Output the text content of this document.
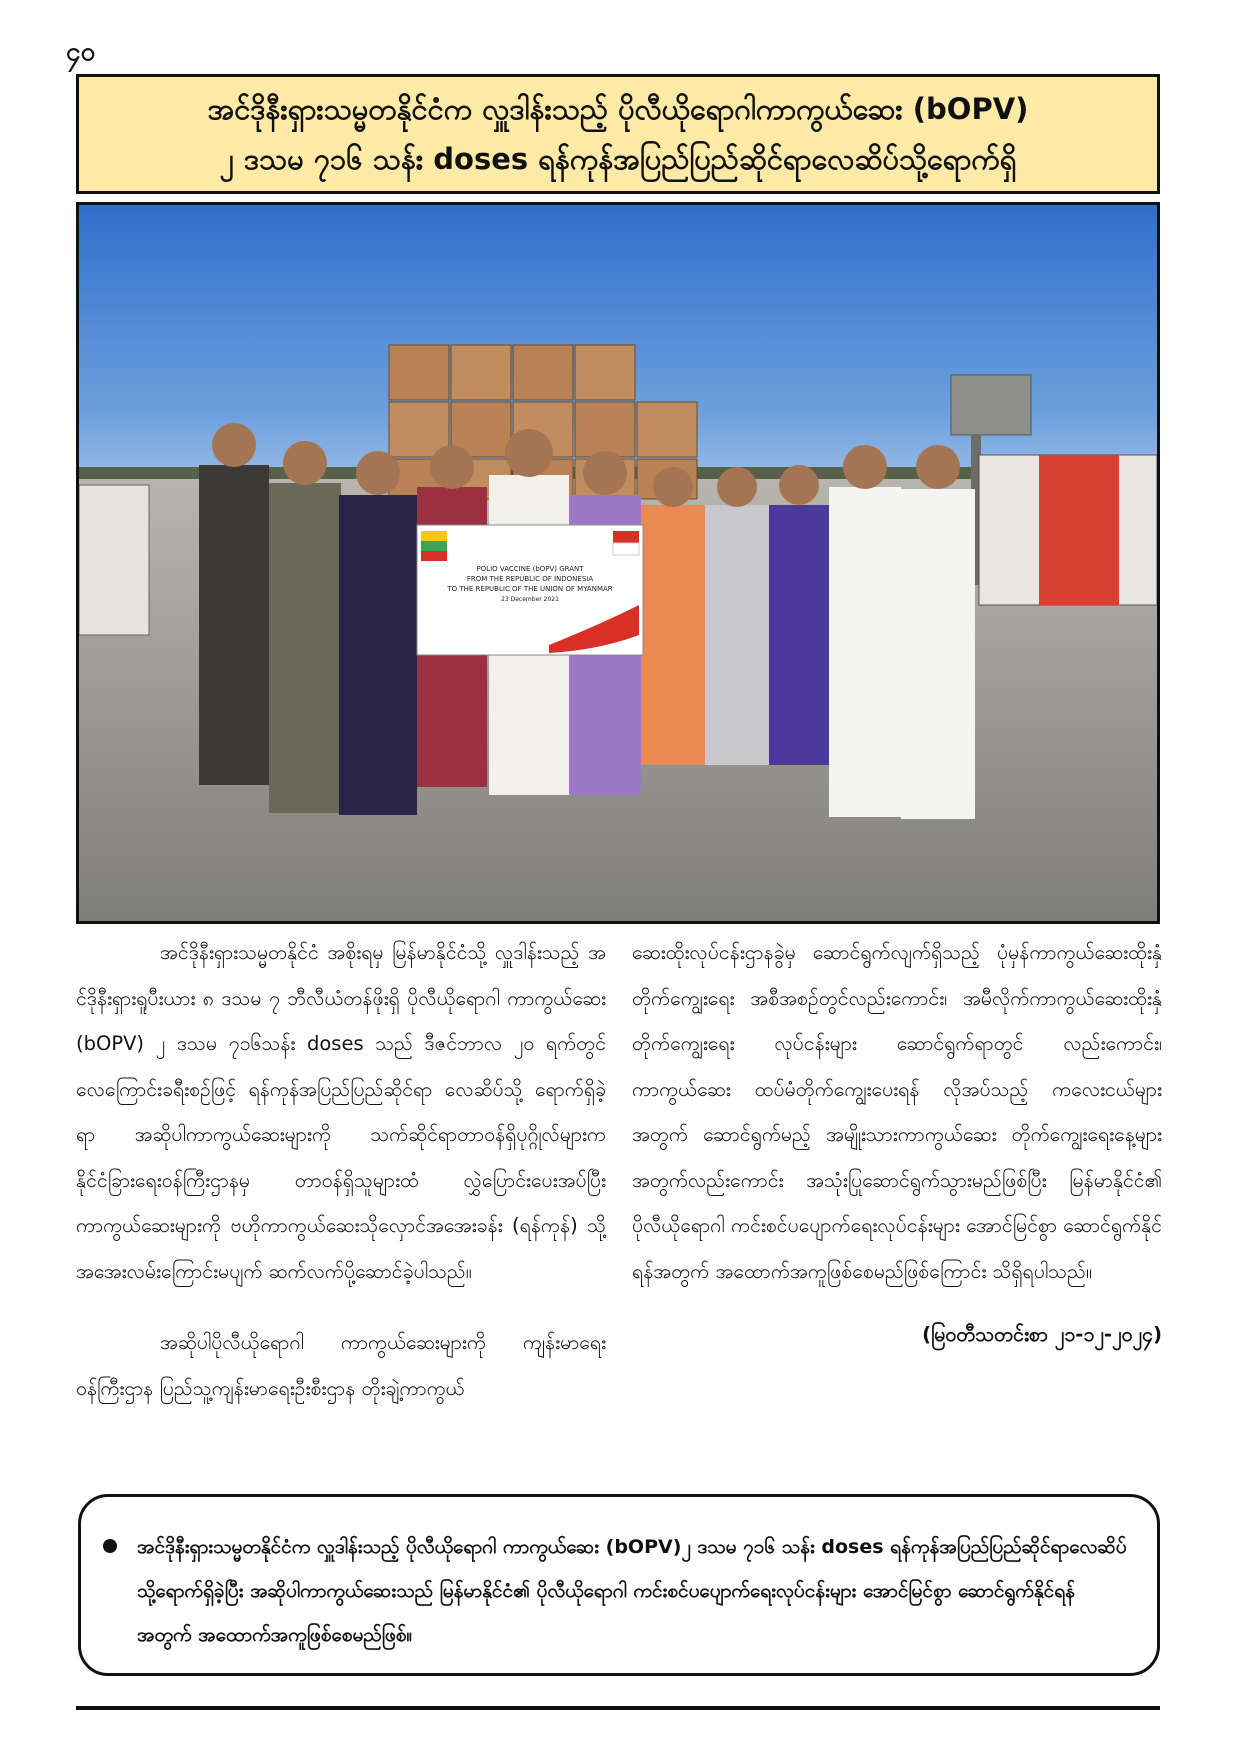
၄၀
အင်ဒိုနီးရှားသမ္မတနိုင်ငံက လှူဒါန်းသည့် ပိုလီယိုရောဂါကာကွယ်ဆေး (bOPV)
၂ ဒသမ ၇၁၆ သန်း doses ရန်ကုန်အပြည်ပြည်ဆိုင်ရာလေဆိပ်သို့ရောက်ရှိ
POLIO VACCINE (bOPV) GRANT
FROM THE REPUBLIC OF INDONESIA
TO THE REPUBLIC OF THE UNION OF MYANMAR
23 December 2021

အင်ဒိုနီးရှားသမ္မတနိုင်ငံ အစိုးရမှ မြန်မာနိုင်ငံသို့ လှူဒါန်းသည့် အင်ဒိုနီးရှားရူပီးယား ၈ ဒသမ ၇ ဘီလီယံတန်ဖိုးရှိ ပိုလီယိုရောဂါ ကာကွယ်ဆေး (bOPV) ၂ ဒသမ ၇၁၆သန်း doses သည် ဒီဇင်ဘာလ ၂၀ ရက်တွင် လေကြောင်းခရီးစဉ်ဖြင့် ရန်ကုန်အပြည်ပြည်ဆိုင်ရာ လေဆိပ်သို့ ရောက်ရှိခဲ့ရာ အဆိုပါကာကွယ်ဆေးများကို သက်ဆိုင်ရာတာဝန်ရှိပုဂ္ဂိုလ်များက နိုင်ငံခြားရေးဝန်ကြီးဌာနမှ တာဝန်ရှိသူများထံ လွှဲပြောင်းပေးအပ်ပြီး ကာကွယ်ဆေးများကို ဗဟိုကာကွယ်ဆေးသိုလှောင်အအေးခန်း (ရန်ကုန်) သို့ အအေးလမ်းကြောင်းမပျက် ဆက်လက်ပို့ဆောင်ခဲ့ပါသည်။

အဆိုပါပိုလီယိုရောဂါ ကာကွယ်ဆေးများကို ကျန်းမာရေးဝန်ကြီးဌာန ပြည်သူ့ကျန်းမာရေးဦးစီးဌာန တိုးချဲ့ကာကွယ်

ဆေးထိုးလုပ်ငန်းဌာနခွဲမှ ဆောင်ရွက်လျက်ရှိသည့် ပုံမှန်ကာကွယ်ဆေးထိုးနှံတိုက်ကျွေးရေး အစီအစဉ်တွင်လည်းကောင်း၊ အမီလိုက်ကာကွယ်ဆေးထိုးနှံတိုက်ကျွေးရေး လုပ်ငန်းများ ဆောင်ရွက်ရာတွင် လည်းကောင်း၊ ကာကွယ်ဆေး ထပ်မံတိုက်ကျွေးပေးရန် လိုအပ်သည့် ကလေးငယ်များအတွက် ဆောင်ရွက်မည့် အမျိုးသားကာကွယ်ဆေး တိုက်ကျွေးရေးနေ့များအတွက်လည်းကောင်း အသုံးပြုဆောင်ရွက်သွားမည်ဖြစ်ပြီး မြန်မာနိုင်ငံ၏ ပိုလီယိုရောဂါ ကင်းစင်ပပျောက်ရေးလုပ်ငန်းများ အောင်မြင်စွာ ဆောင်ရွက်နိုင်ရန်အတွက် အထောက်အကူဖြစ်စေမည်ဖြစ်ကြောင်း သိရှိရပါသည်။

(မြဝတီသတင်းစာ ၂၁-၁၂-၂၀၂၄)

အင်ဒိုနီးရှားသမ္မတနိုင်ငံက လှူဒါန်းသည့် ပိုလီယိုရောဂါ ကာကွယ်ဆေး (bOPV)၂ ဒသမ ၇၁၆ သန်း doses ရန်ကုန်အပြည်ပြည်ဆိုင်ရာလေဆိပ်သို့ရောက်ရှိခဲ့ပြီး အဆိုပါကာကွယ်ဆေးသည် မြန်မာနိုင်ငံ၏ ပိုလီယိုရောဂါ ကင်းစင်ပပျောက်ရေးလုပ်ငန်းများ အောင်မြင်စွာ ဆောင်ရွက်နိုင်ရန်အတွက် အထောက်အကူဖြစ်စေမည်ဖြစ်။
